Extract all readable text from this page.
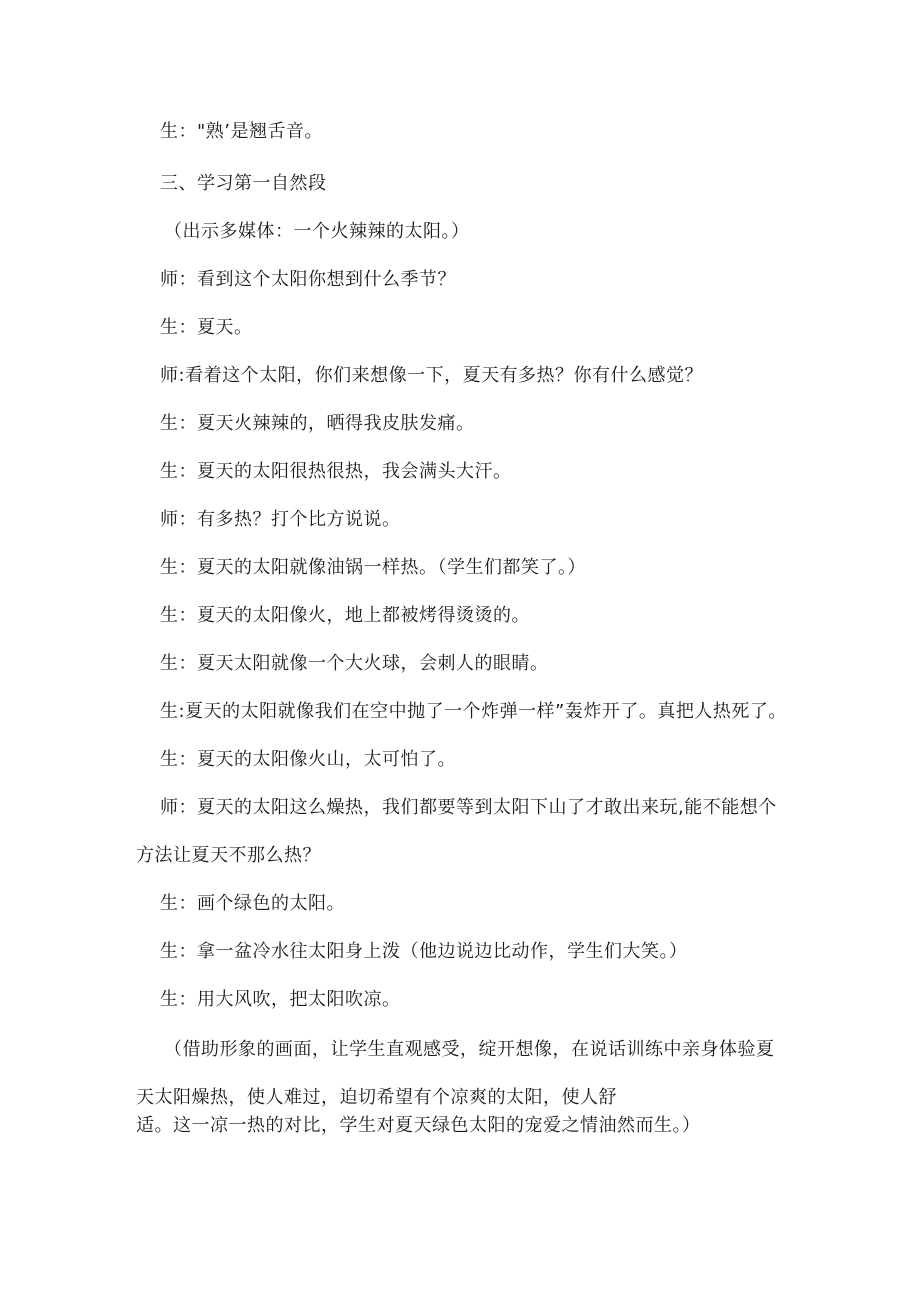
生："熟’是翘舌音。
三、学习第一自然段
（出示多媒体：一个火辣辣的太阳。）
师：看到这个太阳你想到什么季节？
生：夏天。
师:看着这个太阳，你们来想像一下，夏天有多热？你有什么感觉？
生：夏天火辣辣的，晒得我皮肤发痛。
生：夏天的太阳很热很热，我会满头大汗。
师：有多热？打个比方说说。
生：夏天的太阳就像油锅一样热。（学生们都笑了。）
生：夏天的太阳像火，地上都被烤得烫烫的。
生：夏天太阳就像一个大火球，会刺人的眼睛。
生:夏天的太阳就像我们在空中抛了一个炸弹一样”轰炸开了。真把人热死了。
生：夏天的太阳像火山，太可怕了。
师：夏天的太阳这么燥热，我们都要等到太阳下山了才敢出来玩,能不能想个
方法让夏天不那么热？
生：画个绿色的太阳。
生：拿一盆冷水往太阳身上泼（他边说边比动作，学生们大笑。）
生：用大风吹，把太阳吹凉。
（借助形象的画面，让学生直观感受，绽开想像，在说话训练中亲身体验夏
天太阳燥热，使人难过，迫切希望有个凉爽的太阳，使人舒
适。这一凉一热的对比，学生对夏天绿色太阳的宠爱之情油然而生。）
